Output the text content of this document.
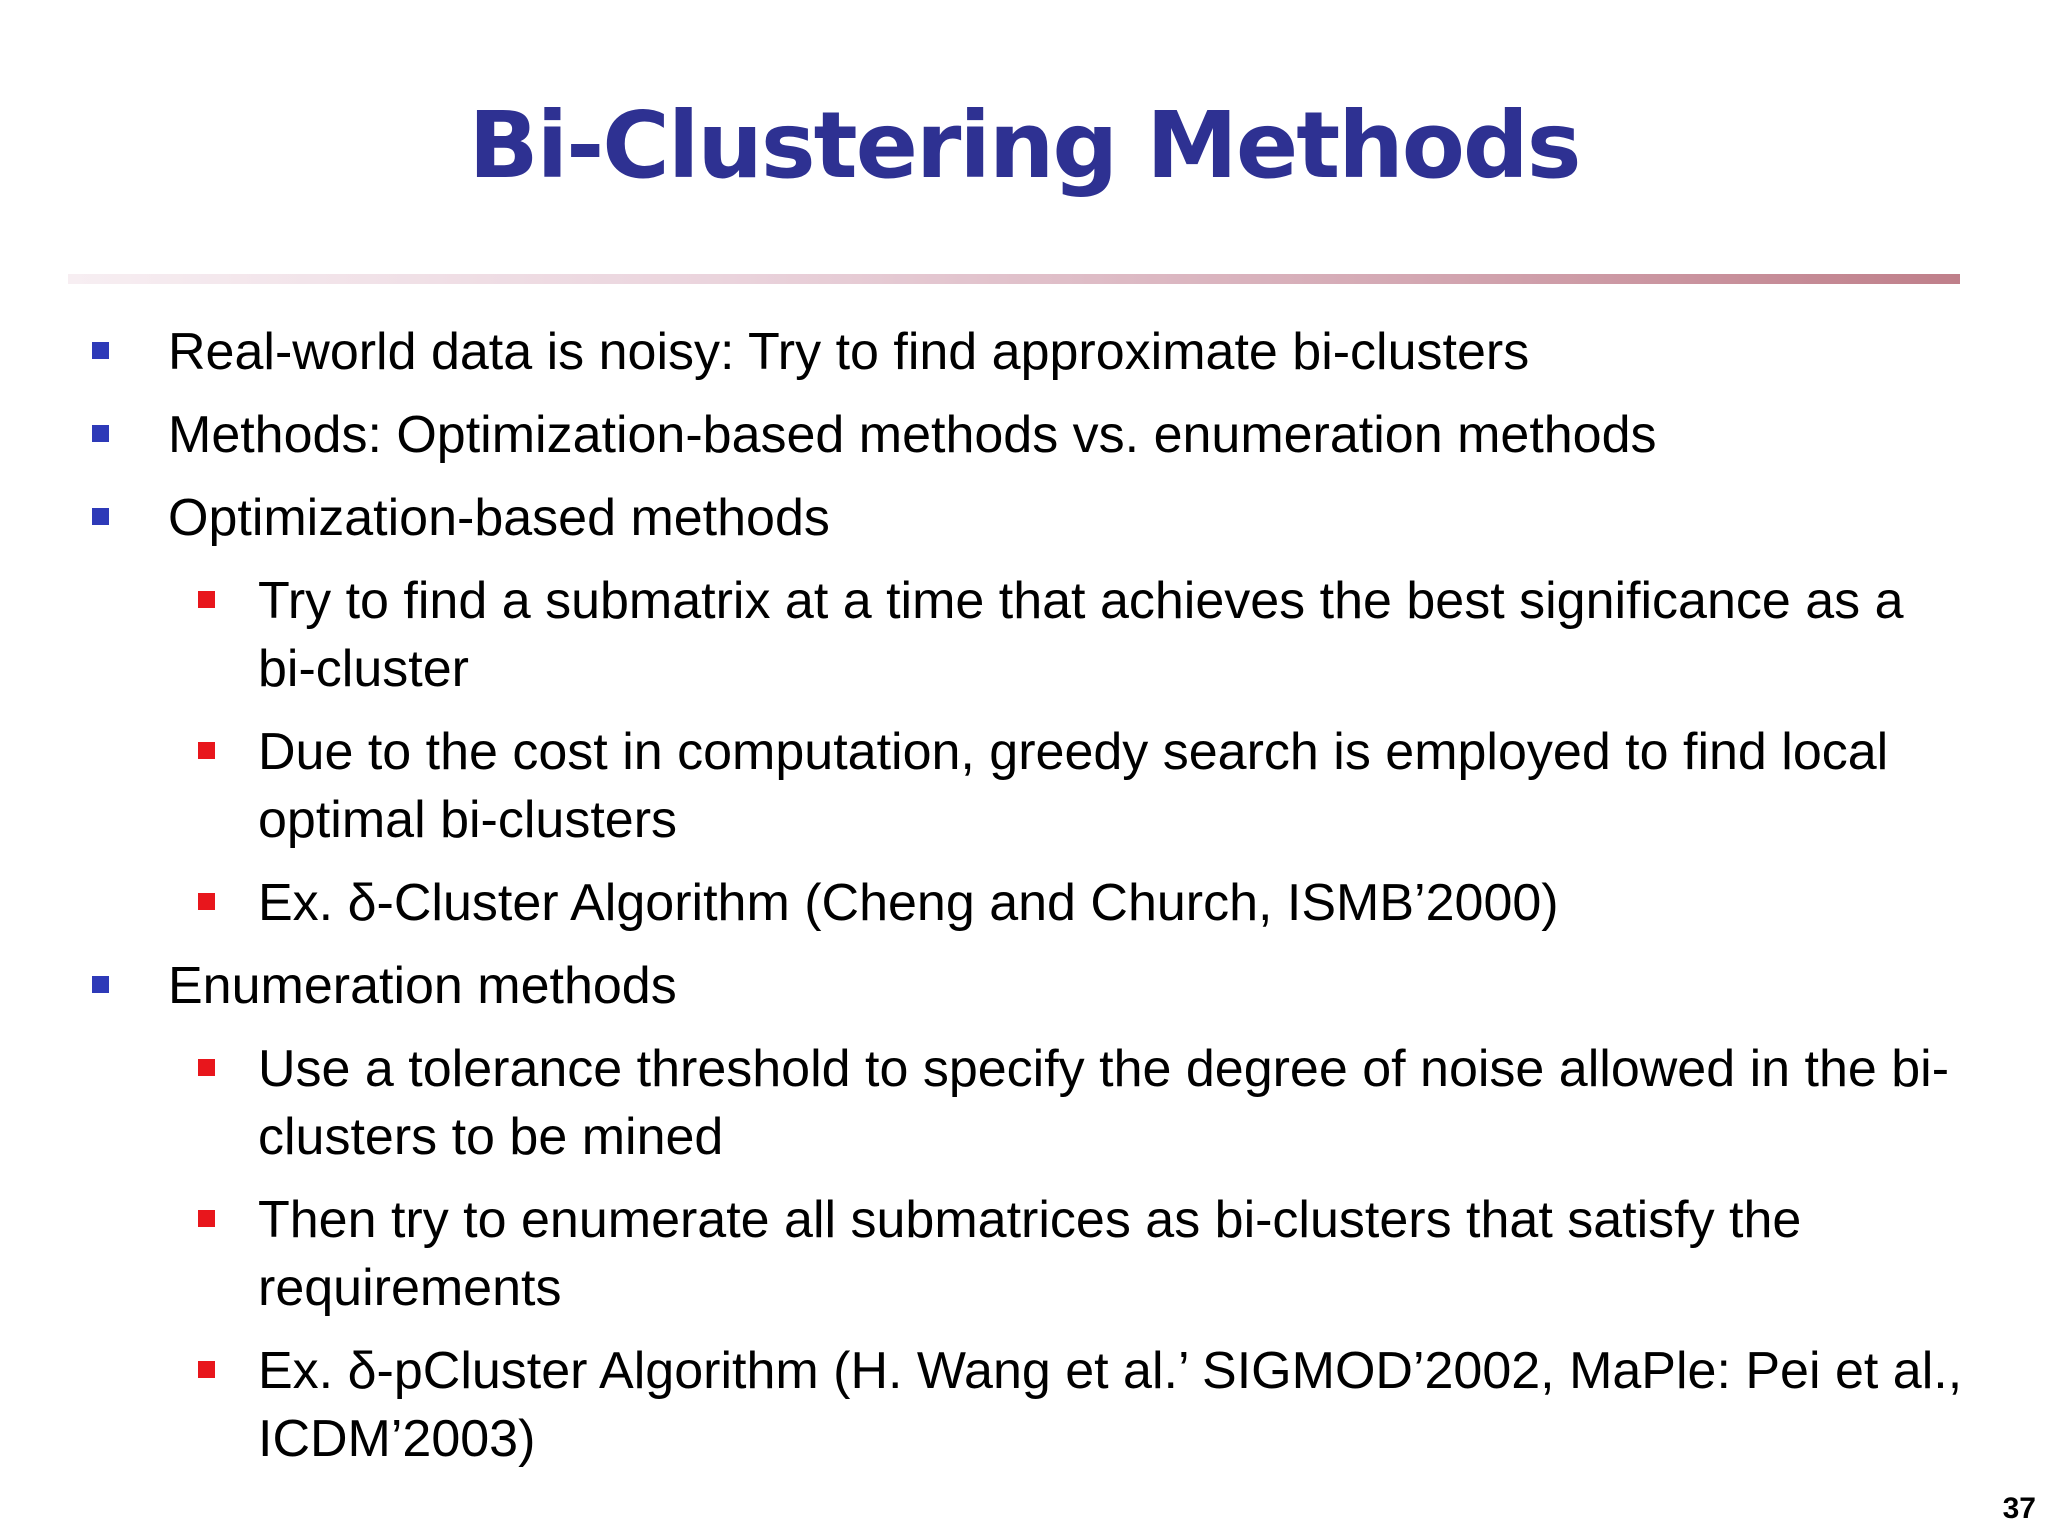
Bi-Clustering Methods
Real-world data is noisy: Try to find approximate bi-clusters
Methods: Optimization-based methods vs. enumeration methods
Optimization-based methods
Try to find a submatrix at a time that achieves the best significance as a bi-cluster
Due to the cost in computation, greedy search is employed to find local optimal bi-clusters
Ex. δ-Cluster Algorithm (Cheng and Church, ISMB’2000)
Enumeration methods
Use a tolerance threshold to specify the degree of noise allowed in the bi-clusters to be mined
Then try to enumerate all submatrices as bi-clusters that satisfy the requirements
Ex. δ-pCluster Algorithm (H. Wang et al.’ SIGMOD’2002, MaPle: Pei et al., ICDM’2003)
37
